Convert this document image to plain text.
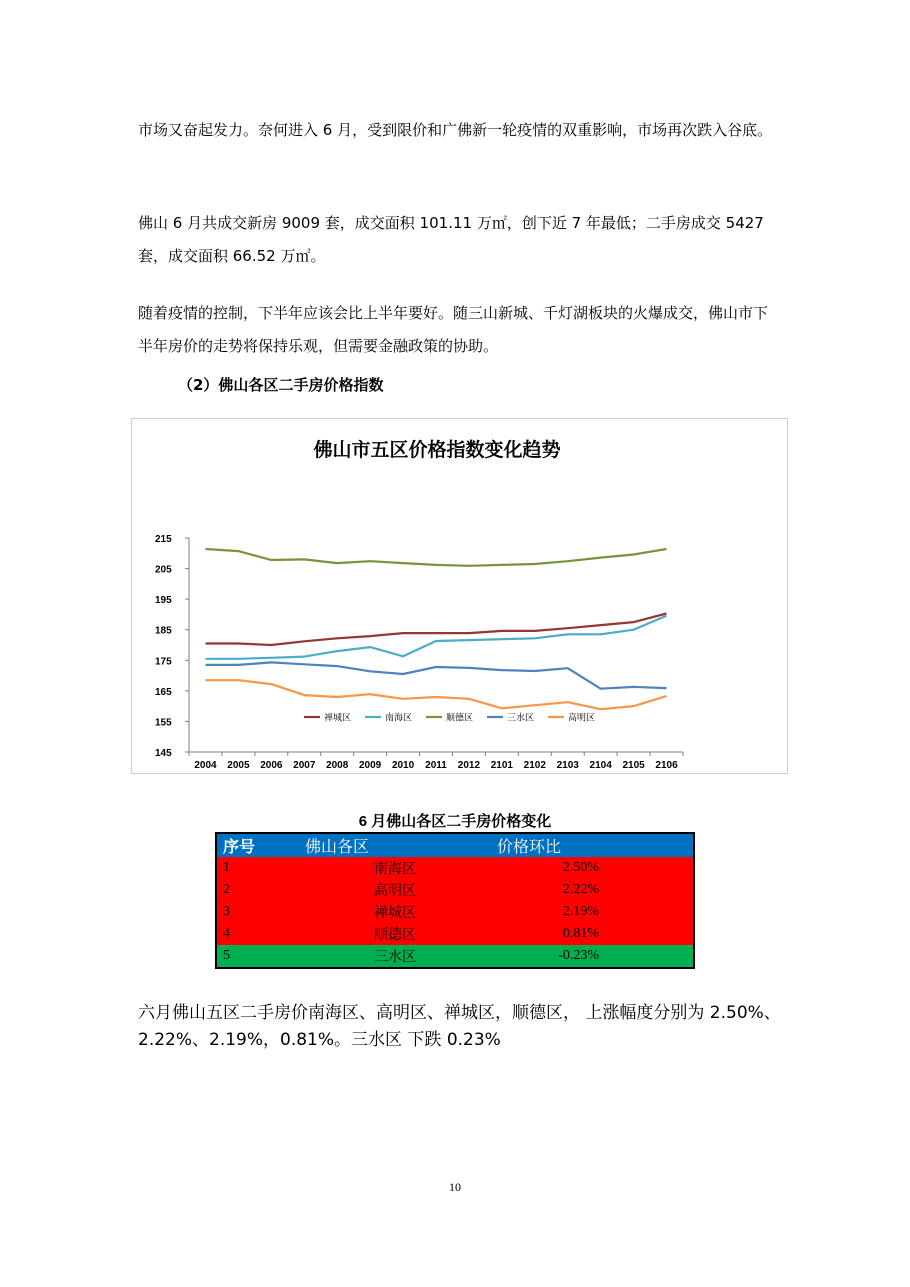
市场又奋起发力。奈何进入 6 月，受到限价和广佛新一轮疫情的双重影响，市场再次跌入谷底。

佛山 6 月共成交新房 9009 套，成交面积 101.11 万㎡，创下近 7 年最低；二手房成交 5427 套，成交面积 66.52 万㎡。

随着疫情的控制，下半年应该会比上半年要好。随三山新城、千灯湖板块的火爆成交，佛山市下半年房价的走势将保持乐观，但需要金融政策的协助。

（2）佛山各区二手房价格指数

佛山市五区价格指数变化趋势
145
155
165
175
185
195
205
215
2004 2005 2006 2007 2008 2009 2010 2011 2012 2101 2102 2103 2104 2105 2106
禅城区	南海区	顺德区	三水区	高明区

6 月佛山各区二手房价格变化

序号	佛山各区	价格环比
1	南海区	2.50%
2	高明区	2.22%
3	禅城区	2.19%
4	顺德区	0.81%
5	三水区	-0.23%

六月佛山五区二手房价南海区、高明区、禅城区，顺德区， 上涨幅度分别为 2.50%、2.22%、2.19%，0.81%。三水区 下跌 0.23%

10
